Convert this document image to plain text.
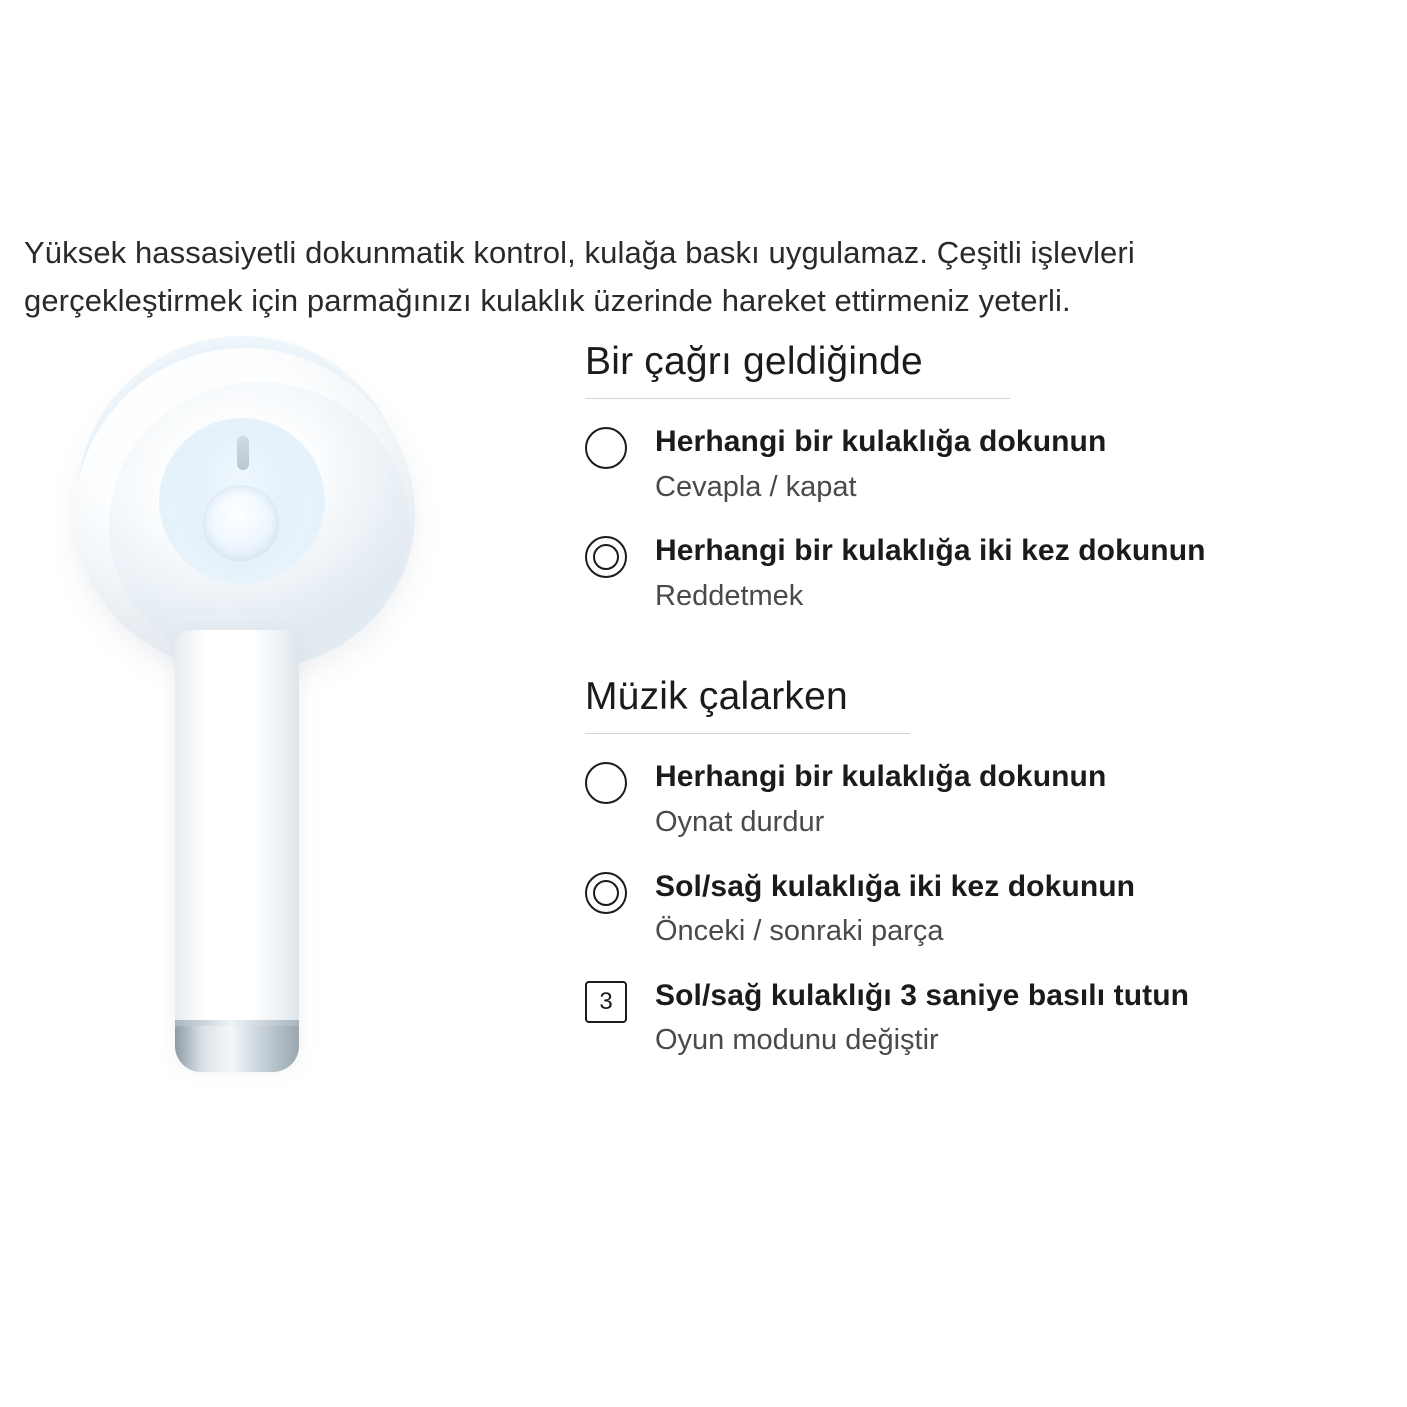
Yüksek hassasiyetli dokunmatik kontrol, kulağa baskı uygulamaz. Çeşitli işlevleri gerçekleştirmek için parmağınızı kulaklık üzerinde hareket ettirmeniz yeterli.

Bir çağrı geldiğinde
Herhangi bir kulaklığa dokunun
Cevapla / kapat
Herhangi bir kulaklığa iki kez dokunun
Reddetmek
Müzik çalarken
Herhangi bir kulaklığa dokunun
Oynat durdur
Sol/sağ kulaklığa iki kez dokunun
Önceki / sonraki parça
3	Sol/sağ kulaklığı 3 saniye basılı tutun
Oyun modunu değiştir
